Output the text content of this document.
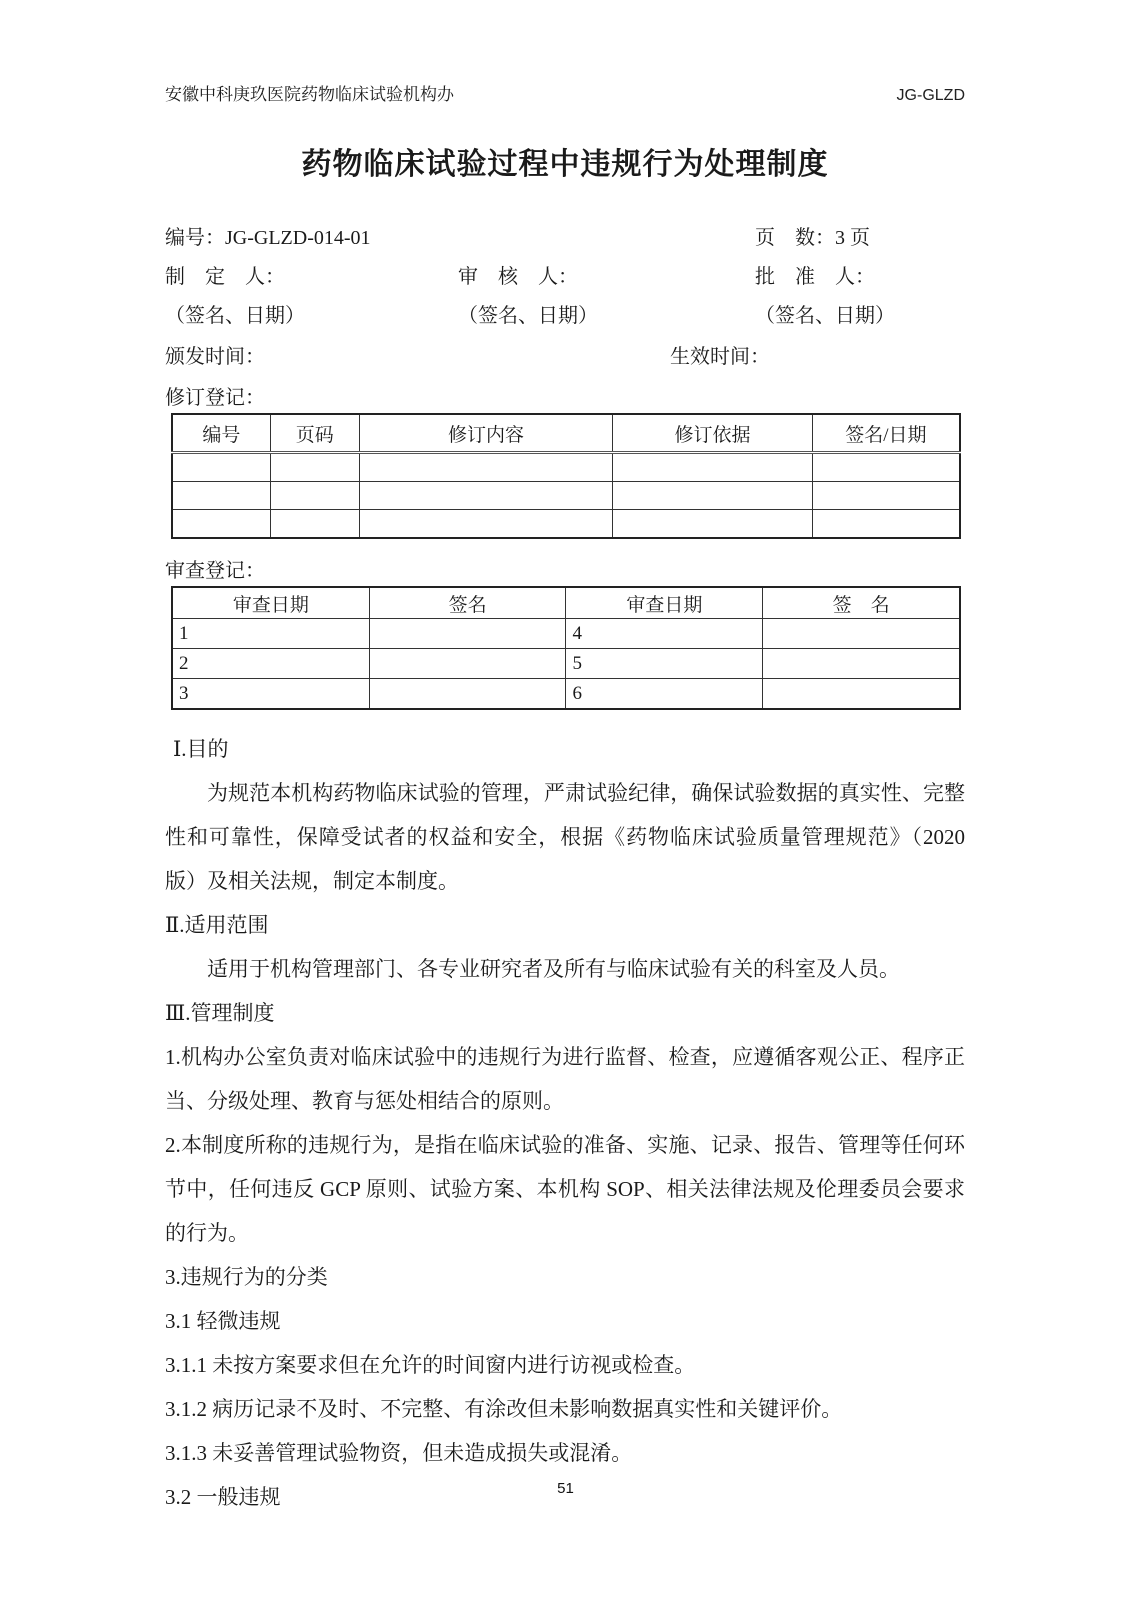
安徽中科庚玖医院药物临床试验机构办	JG-GLZD
药物临床试验过程中违规行为处理制度
编号：JG-GLZD-014-01	页　数：3 页
制　定　人：	审　核　人：	批　准　人：
（签名、日期）	（签名、日期）	（签名、日期）
颁发时间：	生效时间：
修订登记：
编号	页码	修订内容	修订依据	签名/日期

审查登记：
审查日期	签名	审查日期	签　名
1		4	
2		5	
3		6	

Ⅰ.目的

为规范本机构药物临床试验的管理，严肃试验纪律，确保试验数据的真实性、完整性和可靠性，保障受试者的权益和安全，根据《药物临床试验质量管理规范》（2020 版）及相关法规，制定本制度。

Ⅱ.适用范围

适用于机构管理部门、各专业研究者及所有与临床试验有关的科室及人员。

Ⅲ.管理制度

1.机构办公室负责对临床试验中的违规行为进行监督、检查，应遵循客观公正、程序正当、分级处理、教育与惩处相结合的原则。

2.本制度所称的违规行为，是指在临床试验的准备、实施、记录、报告、管理等任何环节中，任何违反 GCP 原则、试验方案、本机构 SOP、相关法律法规及伦理委员会要求的行为。

3.违规行为的分类

3.1 轻微违规

3.1.1 未按方案要求但在允许的时间窗内进行访视或检查。

3.1.2 病历记录不及时、不完整、有涂改但未影响数据真实性和关键评价。

3.1.3 未妥善管理试验物资，但未造成损失或混淆。

3.2 一般违规	51
